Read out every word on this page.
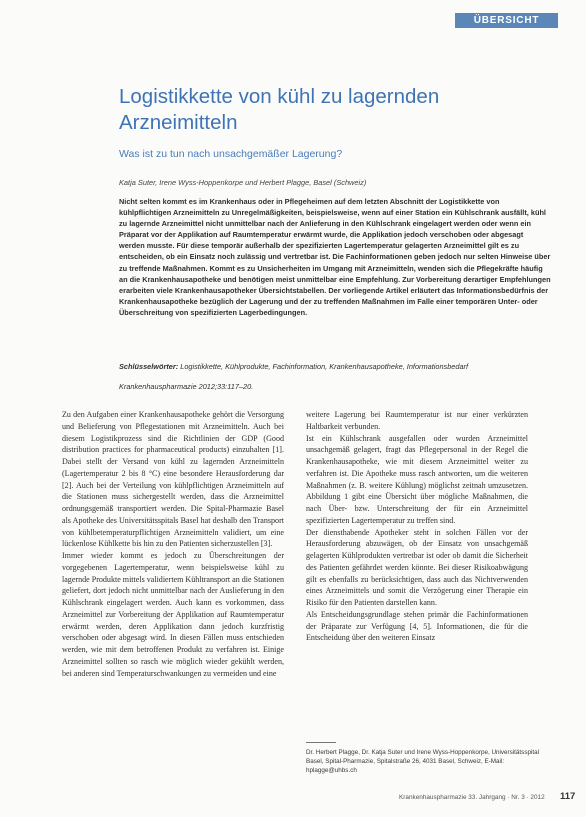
ÜBERSICHT
Logistikkette von kühl zu lagernden Arzneimitteln
Was ist zu tun nach unsachgemäßer Lagerung?
Katja Suter, Irene Wyss-Hoppenkorpe und Herbert Plagge, Basel (Schweiz)

Nicht selten kommt es im Krankenhaus oder in Pflegeheimen auf dem letzten Abschnitt der Logistikkette von kühlpflichtigen Arzneimitteln zu Unregelmäßigkeiten, beispielsweise, wenn auf einer Station ein Kühlschrank ausfällt, kühl zu lagernde Arzneimittel nicht unmittelbar nach der Anlieferung in den Kühlschrank eingelagert werden oder wenn ein Präparat vor der Applikation auf Raumtemperatur erwärmt wurde, die Applikation jedoch verschoben oder abgesagt werden musste. Für diese temporär außerhalb der spezifizierten Lagertemperatur gelagerten Arzneimittel gilt es zu entscheiden, ob ein Einsatz noch zulässig und vertretbar ist. Die Fachinformationen geben jedoch nur selten Hinweise über zu treffende Maßnahmen. Kommt es zu Unsicherheiten im Umgang mit Arzneimitteln, wenden sich die Pflegekräfte häufig an die Krankenhausapotheke und benötigen meist unmittelbar eine Empfehlung. Zur Vorbereitung derartiger Empfehlungen erarbeiten viele Krankenhausapotheker Übersichtstabellen. Der vorliegende Artikel erläutert das Informationsbedürfnis der Krankenhausapotheke bezüglich der Lagerung und der zu treffenden Maßnahmen im Falle einer temporären Unter- oder Überschreitung von spezifizierten Lagerbedingungen.

Schlüsselwörter: Logistikkette, Kühlprodukte, Fachinformation, Krankenhausapotheke, Informationsbedarf
Krankenhauspharmazie 2012;33:117–20.

Zu den Aufgaben einer Krankenhausapotheke gehört die Versorgung und Belieferung von Pflegestationen mit Arzneimitteln. Auch bei diesem Logistikprozess sind die Richtlinien der GDP (Good distribution practices for pharmaceutical products) einzuhalten [1]. Dabei stellt der Versand von kühl zu lagernden Arzneimitteln (Lagertemperatur 2 bis 8 °C) eine besondere Herausforderung dar [2]. Auch bei der Verteilung von kühlpflichtigen Arzneimitteln auf die Stationen muss sichergestellt werden, dass die Arzneimittel ordnungsgemäß transportiert werden. Die Spital-Pharmazie Basel als Apotheke des Universitätsspitals Basel hat deshalb den Transport von kühlbetemperaturpflichtigen Arzneimitteln validiert, um eine lückenlose Kühlkette bis hin zu den Patienten sicherzustellen [3].

Immer wieder kommt es jedoch zu Überschreitungen der vorgegebenen Lagertemperatur, wenn beispielsweise kühl zu lagernde Produkte mittels validiertem Kühltransport an die Stationen geliefert, dort jedoch nicht unmittelbar nach der Auslieferung in den Kühlschrank eingelagert werden. Auch kann es vorkommen, dass Arzneimittel zur Vorbereitung der Applikation auf Raumtemperatur erwärmt werden, deren Applikation dann jedoch kurzfristig verschoben oder abgesagt wird. In diesen Fällen muss entschieden werden, wie mit dem betroffenen Produkt zu verfahren ist. Einige Arzneimittel sollten so rasch wie möglich wieder gekühlt werden, bei anderen sind Temperaturschwankungen zu vermeiden und eine

weitere Lagerung bei Raumtemperatur ist nur einer verkürzten Haltbarkeit verbunden.

Ist ein Kühlschrank ausgefallen oder wurden Arzneimittel unsachgemäß gelagert, fragt das Pflegepersonal in der Regel die Krankenhausapotheke, wie mit diesem Arzneimittel weiter zu verfahren ist. Die Apotheke muss rasch antworten, um die weiteren Maßnahmen (z. B. weitere Kühlung) möglichst zeitnah umzusetzen. Abbildung 1 gibt eine Übersicht über mögliche Maßnahmen, die nach Über- bzw. Unterschreitung der für ein Arzneimittel spezifizierten Lagertemperatur zu treffen sind.

Der diensthabende Apotheker steht in solchen Fällen vor der Herausforderung abzuwägen, ob der Einsatz von unsachgemäß gelagerten Kühlprodukten vertretbar ist oder ob damit die Sicherheit des Patienten gefährdet werden könnte. Bei dieser Risikoabwägung gilt es ebenfalls zu berücksichtigen, dass auch das Nichtverwenden eines Arzneimittels und somit die Verzögerung einer Therapie ein Risiko für den Patienten darstellen kann.

Als Entscheidungsgrundlage stehen primär die Fachinformationen der Präparate zur Verfügung [4, 5]. Informationen, die für die Entscheidung über den weiteren Einsatz

Dr. Herbert Plagge, Dr. Katja Suter und Irene Wyss-Hoppenkorpe, Universitätsspital Basel, Spital-Pharmazie, Spitalstraße 26, 4031 Basel, Schweiz, E-Mail: hplagge@uhbs.ch
Krankenhauspharmazie 33. Jahrgang · Nr. 3 · 2012 117
